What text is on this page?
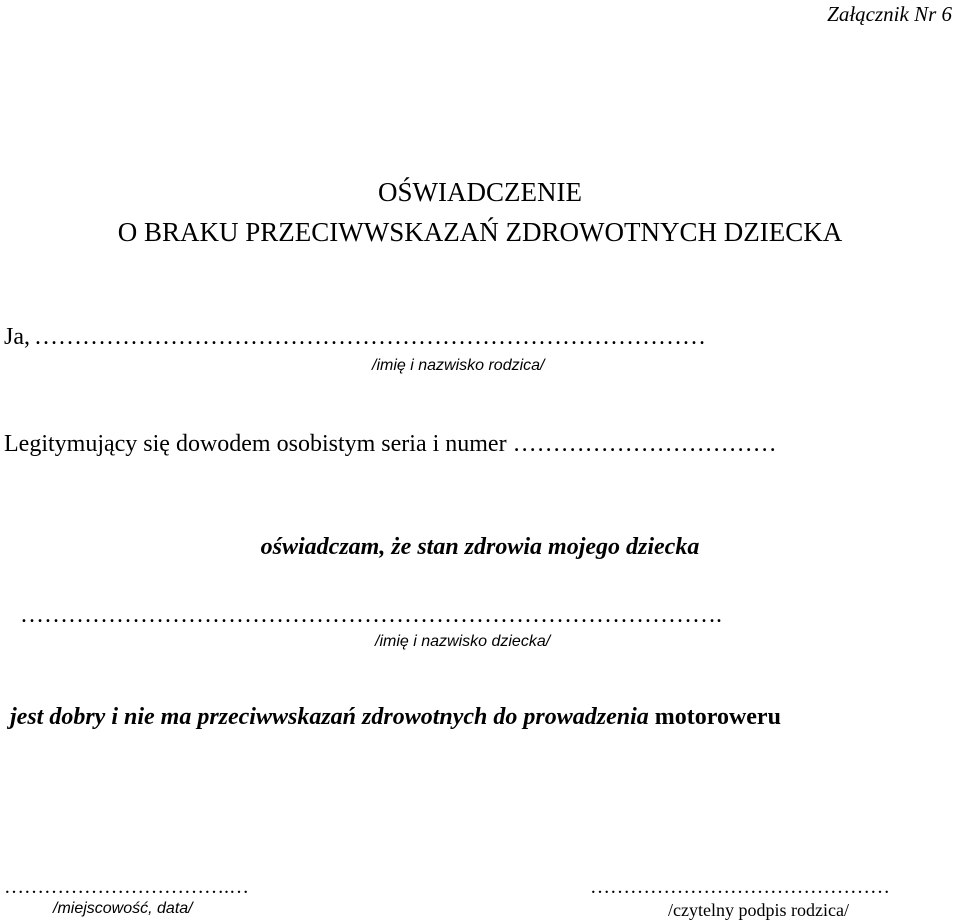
Załącznik Nr 6
OŚWIADCZENIE
O BRAKU PRZECIWWSKAZAŃ ZDROWOTNYCH DZIECKA
Ja, …………………………………………………………………………
/imię i nazwisko rodzica/
Legitymujący się dowodem osobistym seria i numer ……………………………
oświadczam, że stan zdrowia mojego dziecka
…………………………………………………………………………….
/imię i nazwisko dziecka/
jest dobry i nie ma przeciwwskazań zdrowotnych do prowadzenia motoroweru
…………………………….…
/miejscowość, data/
………………………………………
/czytelny podpis rodzica/
